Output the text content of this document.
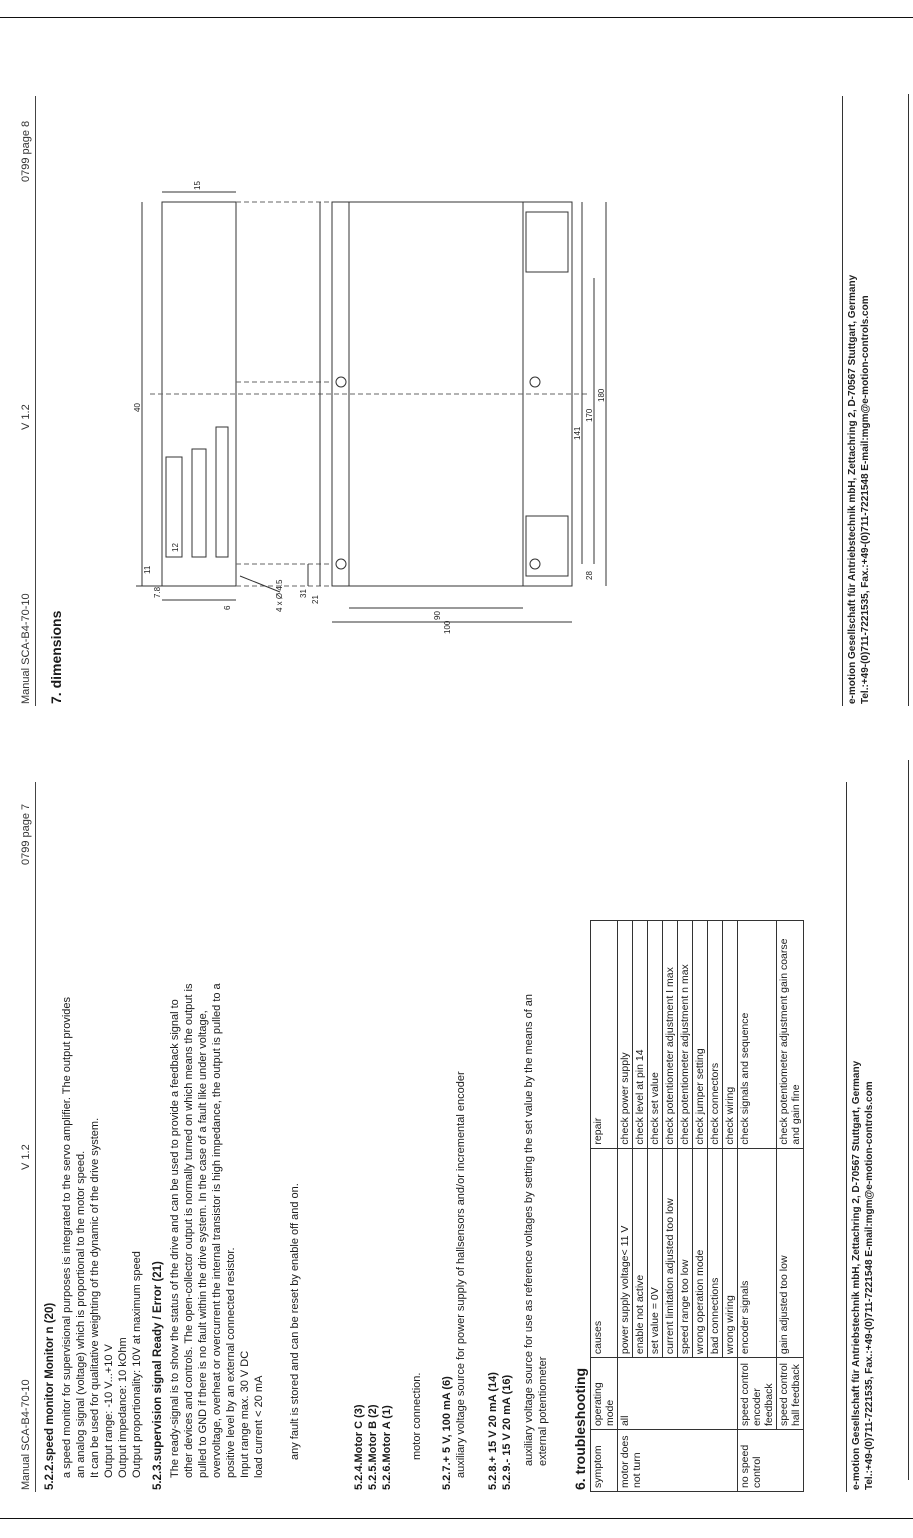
Manual SCA-B4-70-10
V 1.2
0799 page 7
5.2.2.speed monitor Monitor n (20) a speed monitor for supervisional purposes is integrated to the servo amplifier. The output provides an analog signal (voltage) which is proportional to the motor speed. It can be used for qualitative weighting of the dynamic of the drive system. Output range: -10 V...+10 V Output impedance: 10 kOhm Output proportionality: 10V at maximum speed 5.2.3.supervision signal Ready / Error (21) The ready-signal is to show the status of the drive and can be used to provide a feedback signal to other devices and controls. The open-collector output is normally turned on which means the output is pulled to GND if there is no fault within the drive system. In the case of a fault like under voltage, overvoltage, overheat or overcurrent the internal transistor is high impedance, the output is pulled to a positive level by an external connected resistor. Input range max. 30 V DC load current < 20 mA any fault is stored and can be reset by enable off and on.	5.2.4.Motor C (3) 5.2.5.Motor B (2) 5.2.6.Motor A (1) motor connection. 5.2.7.+ 5 V, 100 mA (6) auxiliary voltage source for power supply of hallsensors and/or incremental encoder 5.2.8.+ 15 V 20 mA (14) 5.2.9.- 15 V 20 mA (16) auxiliary voltage source for use as reference voltages by setting the set value by the means of an external potentiometer 6. troubleshooting symptom	operating mode	causes	repair
motor does not turn	all	power supply voltage< 11 V	check power supply
		enable not active	check level at pin 14
		set value = 0V	check set value
		current limitation adjusted too low	check potentiometer adjustment I max
		speed range too low	check potentiometer adjustment n max
		wrong operation mode	check jumper setting
		bad connections	check connectors
		wrong wiring	check wiring
no speed control	speed control encoder feedback	encoder signals	check signals and sequence
	speed control hall feedback	gain adjusted too low	check potentiometer adjustment gain coarse and gain fine	e-motion Gesellschaft für Antriebstechnik mbH, Zettachring 2, D-70567 Stuttgart, Germany Tel.:+49-(0)711-7221535, Fax.:+49-(0)711-7221548 E-mail:mgm@e-motion-controls.com
Manual SCA-B4-70-10
V 1.2
0799 page 8
7. dimensions
180
170
141
28
31
21
7.8
11
12
15
40
90
100
4 x Ø 4.5
6	e-motion Gesellschaft für Antriebstechnik mbH, Zettachring 2, D-70567 Stuttgart, Germany Tel.:+49-(0)711-7221535, Fax.:+49-(0)711-7221548 E-mail:mgm@e-motion-controls.com
